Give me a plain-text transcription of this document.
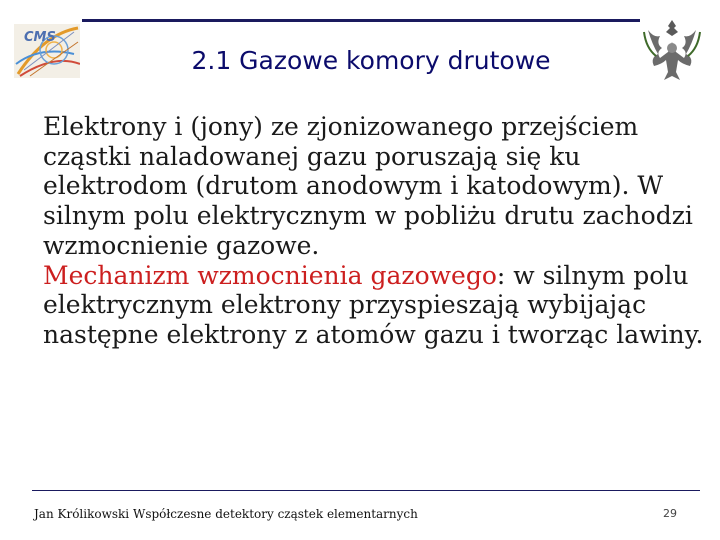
CMS
2.1 Gazowe komory drutowe

Elektrony i (jony) ze zjonizowanego przejściem cząstki naladowanej gazu poruszają się ku elektrodom (drutom anodowym i katodowym). W silnym polu elektrycznym w pobliżu drutu zachodzi wzmocnienie gazowe.

Mechanizm wzmocnienia gazowego: w silnym polu elektrycznym elektrony przyspieszają wybijając następne elektrony z atomów gazu i tworząc lawiny.

Jan Królikowski Współczesne detektory cząstek elementarnych	29
